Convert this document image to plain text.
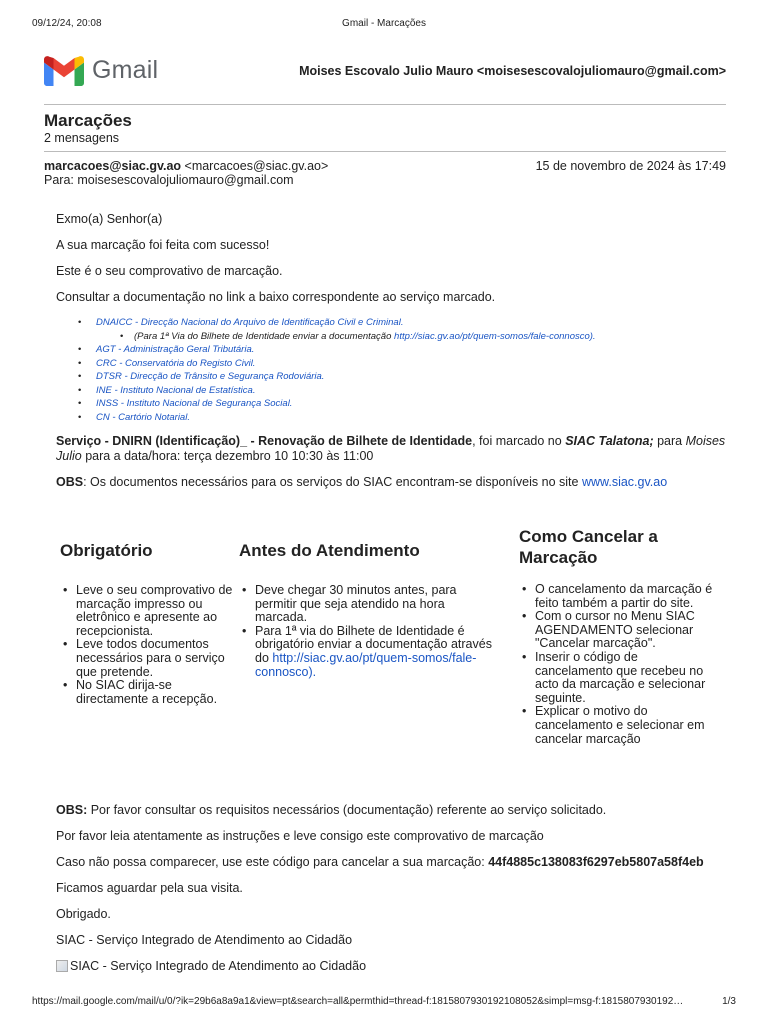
09/12/24, 20:08	Gmail - Marcações
Gmail	Moises Escovalo Julio Mauro <moisesescovalojuliomauro@gmail.com>
Marcações
2 mensagens
marcacoes@siac.gv.ao <marcacoes@siac.gv.ao>
Para: moisesescovalojuliomauro@gmail.com
15 de novembro de 2024 às 17:49

Exmo(a) Senhor(a)

A sua marcação foi feita com sucesso!

Este é o seu comprovativo de marcação.

Consultar a documentação no link a baixo correspondente ao serviço marcado.

• DNAICC - Direcção Nacional do Arquivo de Identificação Civil e Criminal.
• (Para 1ª Via do Bilhete de Identidade enviar a documentação http://siac.gv.ao/pt/quem-somos/fale-connosco).
• AGT - Administração Geral Tributária.
• CRC - Conservatória do Registo Civil.
• DTSR - Direcção de Trânsito e Segurança Rodoviária.
• INE - Instituto Nacional de Estatística.
• INSS - Instituto Nacional de Segurança Social.
• CN - Cartório Notarial.

Serviço - DNIRN (Identificação)_ - Renovação de Bilhete de Identidade, foi marcado no SIAC Talatona; para Moises Julio para a data/hora: terça dezembro 10 10:30 às 11:00

OBS: Os documentos necessários para os serviços do SIAC encontram-se disponíveis no site www.siac.gv.ao

Obrigatório
• Leve o seu comprovativo de marcação impresso ou eletrônico e apresente ao recepcionista.
• Leve todos documentos necessários para o serviço que pretende.
• No SIAC dirija-se directamente a recepção.
Antes do Atendimento
• Deve chegar 30 minutos antes, para permitir que seja atendido na hora marcada.
• Para 1ª via do Bilhete de Identidade é obrigatório enviar a documentação através do http://siac.gv.ao/pt/quem-somos/fale-connosco).
Como Cancelar a Marcação
• O cancelamento da marcação é feito também a partir do site.
• Com o cursor no Menu SIAC AGENDAMENTO selecionar "Cancelar marcação".
• Inserir o código de cancelamento que recebeu no acto da marcação e selecionar seguinte.
• Explicar o motivo do cancelamento e selecionar em cancelar marcação

OBS: Por favor consultar os requisitos necessários (documentação) referente ao serviço solicitado.

Por favor leia atentamente as instruções e leve consigo este comprovativo de marcação

Caso não possa comparecer, use este código para cancelar a sua marcação: 44f4885c138083f6297eb5807a58f4eb

Ficamos aguardar pela sua visita.

Obrigado.

SIAC - Serviço Integrado de Atendimento ao Cidadão

SIAC - Serviço Integrado de Atendimento ao Cidadão

https://mail.google.com/mail/u/0/?ik=29b6a8a9a1&view=pt&search=all&permthid=thread-f:1815807930192108052&simpl=msg-f:1815807930192…	1/3
